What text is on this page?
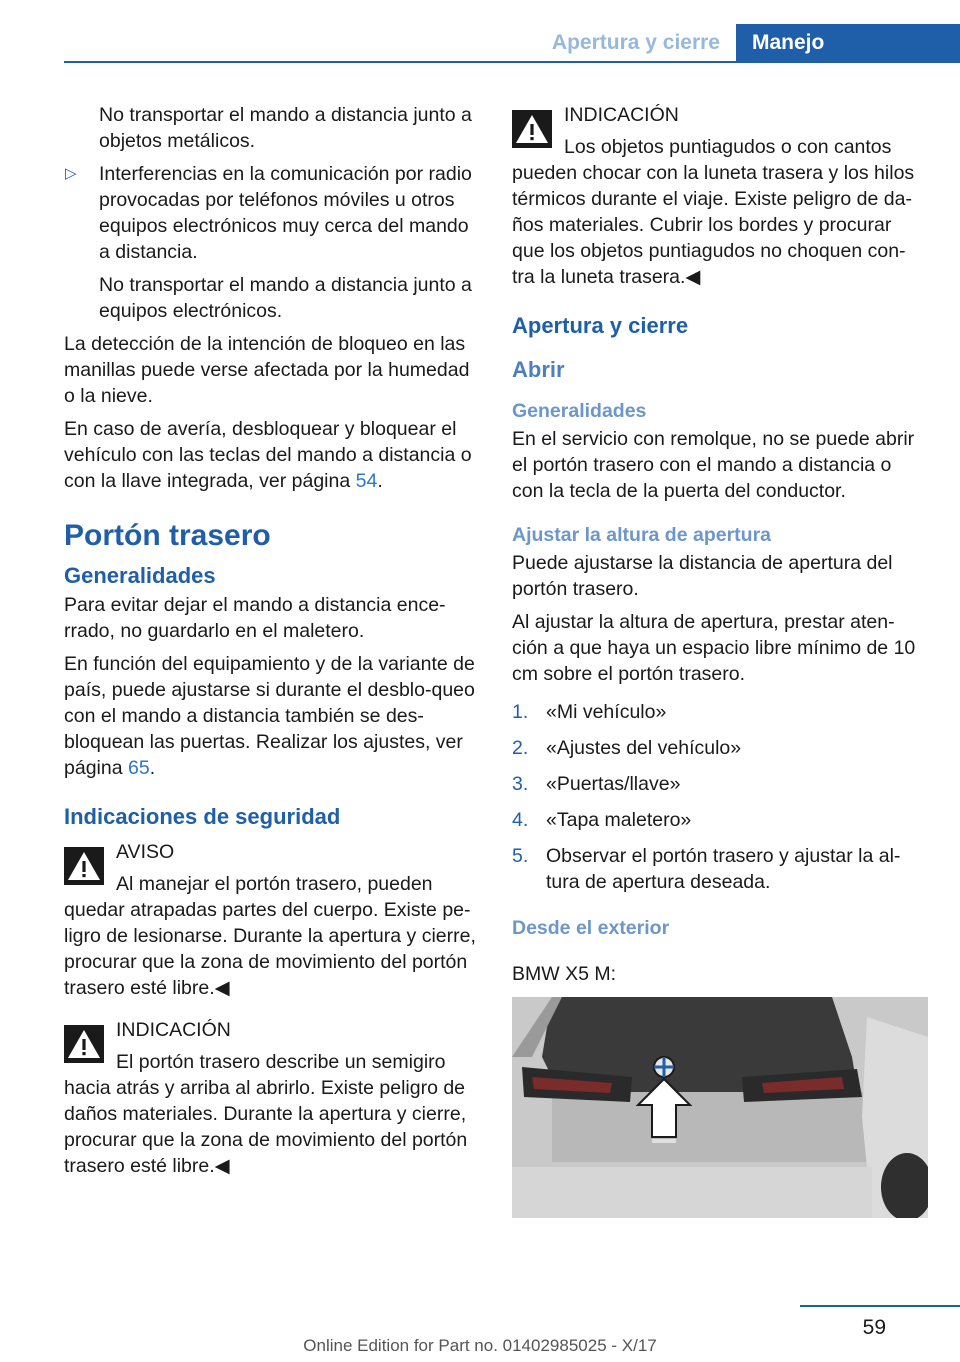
Apertura y cierre	Manejo

No transportar el mando a distancia junto a objetos metálicos.

▷ Interferencias en la comunicación por radio provocadas por teléfonos móviles u otros equipos electrónicos muy cerca del mando a distancia.

No transportar el mando a distancia junto a equipos electrónicos.

La detección de la intención de bloqueo en las manillas puede verse afectada por la humedad o la nieve.

En caso de avería, desbloquear y bloquear el vehículo con las teclas del mando a distancia o con la llave integrada, ver página 54.

Portón trasero
Generalidades

Para evitar dejar el mando a distancia ence-rrado, no guardarlo en el maletero.

En función del equipamiento y de la variante de país, puede ajustarse si durante el desblo-queo con el mando a distancia también se des-bloquean las puertas. Realizar los ajustes, ver página 65.

Indicaciones de seguridad
AVISO
Al manejar el portón trasero, pueden
quedar atrapadas partes del cuerpo. Existe pe-ligro de lesionarse. Durante la apertura y cierre, procurar que la zona de movimiento del portón trasero esté libre.◀
INDICACIÓN
El portón trasero describe un semigiro
hacia atrás y arriba al abrirlo. Existe peligro de daños materiales. Durante la apertura y cierre, procurar que la zona de movimiento del portón trasero esté libre.◀
INDICACIÓN
Los objetos puntiagudos o con cantos
pueden chocar con la luneta trasera y los hilos térmicos durante el viaje. Existe peligro de da-ños materiales. Cubrir los bordes y procurar que los objetos puntiagudos no choquen con-tra la luneta trasera.◀
Apertura y cierre
Abrir
Generalidades

En el servicio con remolque, no se puede abrir el portón trasero con el mando a distancia o con la tecla de la puerta del conductor.

Ajustar la altura de apertura

Puede ajustarse la distancia de apertura del portón trasero.

Al ajustar la altura de apertura, prestar aten-ción a que haya un espacio libre mínimo de 10 cm sobre el portón trasero.

1. «Mi vehículo»
2. «Ajustes del vehículo»
3. «Puertas/llave»
4. «Tapa maletero»
5. Observar el portón trasero y ajustar la al-tura de apertura deseada.
Desde el exterior

BMW X5 M:

59
Online Edition for Part no. 01402985025 - X/17
